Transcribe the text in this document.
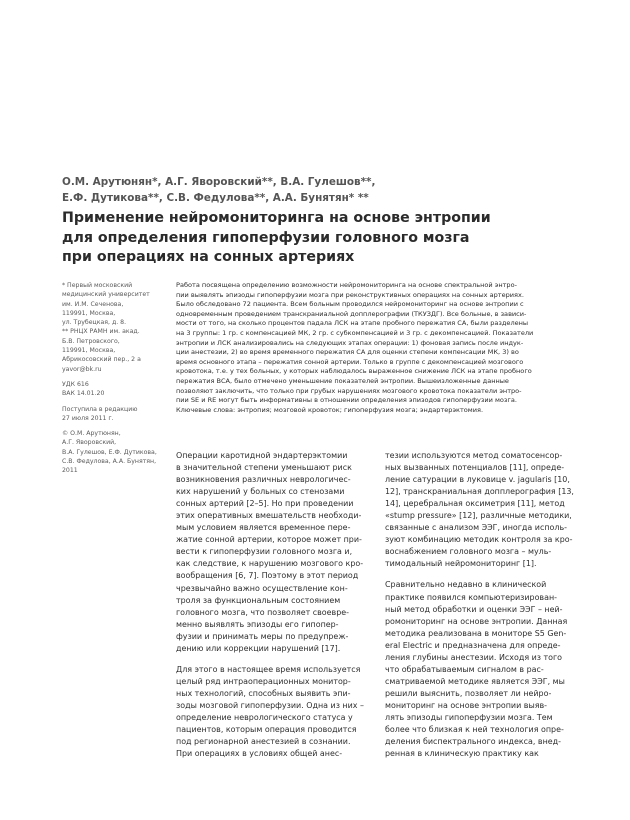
О.М. Арутюнян*, А.Г. Яворовский**, В.А. Гулешов**,
Е.Ф. Дутикова**, С.В. Федулова**, А.А. Бунятян* **
Применение нейромониторинга на основе энтропии
для определения гипоперфузии головного мозга
при операциях на сонных артериях
* Первый московский
медицинский университет
им. И.М. Сеченова,
119991, Москва,
ул. Трубецкая, д. 8.
** РНЦХ РАМН им. акад.
Б.В. Петровского,
119991, Москва,
Абрикосовский пер., 2 а
yavor@bk.ru
УДК 616
ВАК 14.01.20
Поступила в редакцию
27 июля 2011 г.
© О.М. Арутюнян,
А.Г. Яворовский,
В.А. Гулешов, Е.Ф. Дутикова,
С.В. Федулова, А.А. Бунятян,
2011
Работа посвящена определению возможности нейромониторинга на основе спектральной энтро-
пии выявлять эпизоды гипоперфузии мозга при реконструктивных операциях на сонных артериях.
Было обследовано 72 пациента. Всем больным проводился нейромониторинг на основе энтропии с
одновременным проведением транскраниальной допплерографии (ТКУЗДГ). Все больные, в зависи-
мости от того, на сколько процентов падала ЛСК на этапе пробного пережатия СА, были разделены
на 3 группы: 1 гр. с компенсацией МК, 2 гр. с субкомпенсацией и 3 гр. с декомпенсацией. Показатели
энтропии и ЛСК анализировались на следующих этапах операции: 1) фоновая запись после индук-
ции анестезии, 2) во время временного пережатия СА для оценки степени компенсации МК, 3) во
время основного этапа – пережатия сонной артерии. Только в группе с декомпенсацией мозгового
кровотока, т.е. у тех больных, у которых наблюдалось выраженное снижение ЛСК на этапе пробного
пережатия ВСА, было отмечено уменьшение показателей энтропии. Вышеизложенные данные
позволяют заключить, что только при грубых нарушениях мозгового кровотока показатели энтро-
пии SE и RE могут быть информативны в отношении определения эпизодов гипоперфузии мозга.
Ключевые слова: энтропия; мозговой кровоток; гипоперфузия мозга; эндартерэктомия.
Операции каротидной эндартерэктомии
в значительной степени уменьшают риск
возникновения различных неврологичес-
ких нарушений у больных со стенозами
сонных артерий [2–5]. Но при проведении
этих оперативных вмешательств необходи-
мым условием является временное пере-
жатие сонной артерии, которое может при-
вести к гипоперфузии головного мозга и,
как следствие, к нарушению мозгового кро-
вообращения [6, 7]. Поэтому в этот период
чрезвычайно важно осуществление кон-
троля за функциональным состоянием
головного мозга, что позволяет своевре-
менно выявлять эпизоды его гипопер-
фузии и принимать меры по предупреж-
дению или коррекции нарушений [17].
Для этого в настоящее время используется
целый ряд интраоперационных монитор-
ных технологий, способных выявить эпи-
зоды мозговой гипоперфузии. Одна из них –
определение неврологического статуса у
пациентов, которым операция проводится
под регионарной анестезией в сознании.
При операциях в условиях общей анес-
тезии используются метод соматосенсор-
ных вызванных потенциалов [11], опреде-
ление сатурации в луковице v. jagularis [10,
12], транскраниальная допплерография [13,
14], церебральная оксиметрия [11], метод
«stump pressure» [12], различные методики,
связанные с анализом ЭЭГ, иногда исполь-
зуют комбинацию методик контроля за кро-
воснабжением головного мозга – муль-
тимодальный нейромониторинг [1].
Сравнительно недавно в клинической
практике появился компьютеризирован-
ный метод обработки и оценки ЭЭГ – ней-
ромониторинг на основе энтропии. Данная
методика реализована в мониторе S5 Gen-
eral Electric и предназначена для опреде-
ления глубины анестезии. Исходя из того
что обрабатываемым сигналом в рас-
сматриваемой методике является ЭЭГ, мы
решили выяснить, позволяет ли нейро-
мониторинг на основе энтропии выяв-
лять эпизоды гипоперфузии мозга. Тем
более что близкая к ней технология опре-
деления биспектрального индекса, внед-
ренная в клиническую практику как
